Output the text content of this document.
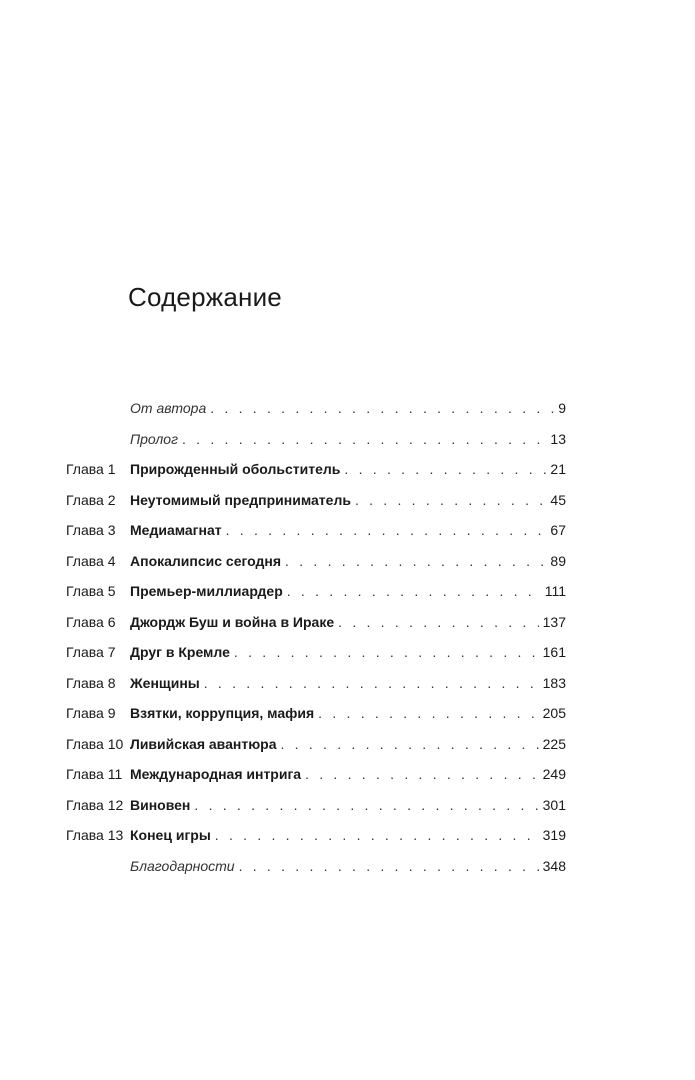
Содержание
От автора . . .	9
Пролог . . .	13
Глава 1	Прирожденный обольститель . . .	21
Глава 2	Неутомимый предприниматель . . .	45
Глава 3	Медиамагнат . . .	67
Глава 4	Апокалипсис сегодня . . .	89
Глава 5	Премьер-миллиардер . . .	111
Глава 6	Джордж Буш и война в Ираке . . .	137
Глава 7	Друг в Кремле . . .	161
Глава 8	Женщины . . .	183
Глава 9	Взятки, коррупция, мафия . . .	205
Глава 10 Ливийская авантюра . . .	225
Глава 11 Международная интрига . . .	249
Глава 12 Виновен . . .	301
Глава 13 Конец игры . . .	319
Благодарности . . .	348
